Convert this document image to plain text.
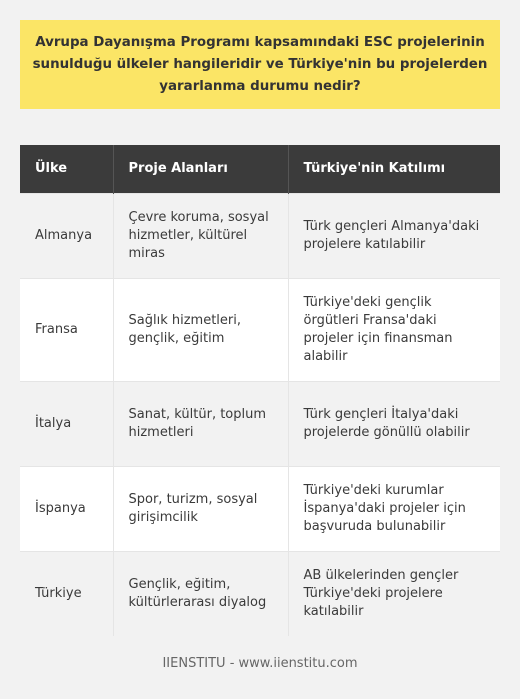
Avrupa Dayanışma Programı kapsamındaki ESC projelerinin sunulduğu ülkeler hangileridir ve Türkiye'nin bu projelerden yararlanma durumu nedir?
Ülke	Proje Alanları	Türkiye'nin Katılımı
Almanya	Çevre koruma, sosyal hizmetler, kültürel miras	Türk gençleri Almanya'daki projelere katılabilir
Fransa	Sağlık hizmetleri, gençlik, eğitim	Türkiye'deki gençlik örgütleri Fransa'daki projeler için finansman alabilir
İtalya	Sanat, kültür, toplum hizmetleri	Türk gençleri İtalya'daki projelerde gönüllü olabilir
İspanya	Spor, turizm, sosyal girişimcilik	Türkiye'deki kurumlar İspanya'daki projeler için başvuruda bulunabilir
Türkiye	Gençlik, eğitim, kültürlerarası diyalog	AB ülkelerinden gençler Türkiye'deki projelere katılabilir
IIENSTITU - www.iienstitu.com
